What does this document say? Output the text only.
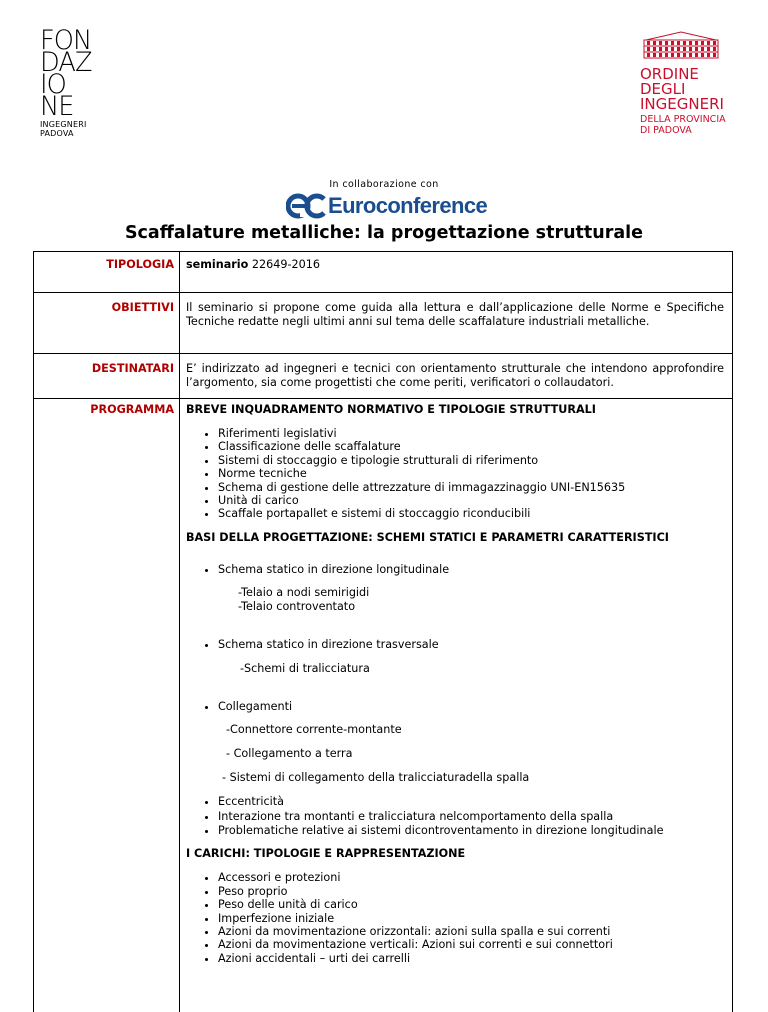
FON
DAZ
IO
NE
INGEGNERI
PADOVA
ORDINE
DEGLI
INGEGNERI
DELLA PROVINCIA
DI PADOVA
In collaborazione con
Euroconference
Scaffalature metalliche: la progettazione strutturale
TIPOLOGIA	seminario 22649-2016
OBIETTIVI	Il seminario si propone come guida alla lettura e dall’applicazione delle Norme e Specifiche Tecniche redatte negli ultimi anni sul tema delle scaffalature industriali metalliche.
DESTINATARI	E’ indirizzato ad ingegneri e tecnici con orientamento strutturale che intendono approfondire l’argomento, sia come progettisti che come periti, verificatori o collaudatori.
PROGRAMMA	BREVE INQUADRAMENTO NORMATIVO E TIPOLOGIE STRUTTURALI

• Riferimenti legislativi
• Classificazione delle scaffalature
• Sistemi di stoccaggio e tipologie strutturali di riferimento
• Norme tecniche
• Schema di gestione delle attrezzature di immagazzinaggio UNI-EN15635
• Unità di carico
• Scaffale portapallet e sistemi di stoccaggio riconducibili

BASI DELLA PROGETTAZIONE: SCHEMI STATICI E PARAMETRI CARATTERISTICI

• Schema statico in direzione longitudinale
-Telaio a nodi semirigidi
-Telaio controventato
• Schema statico in direzione trasversale
-Schemi di tralicciatura
• Collegamenti
-Connettore corrente-montante
- Collegamento a terra
- Sistemi di collegamento della tralicciaturadella spalla
• Eccentricità
• Interazione tra montanti e tralicciatura nelcomportamento della spalla
• Problematiche relative ai sistemi dicontroventamento in direzione longitudinale

I CARICHI: TIPOLOGIE E RAPPRESENTAZIONE

• Accessori e protezioni
• Peso proprio
• Peso delle unità di carico
• Imperfezione iniziale
• Azioni da movimentazione orizzontali: azioni sulla spalla e sui correnti
• Azioni da movimentazione verticali: Azioni sui correnti e sui connettori
• Azioni accidentali – urti dei carrelli
